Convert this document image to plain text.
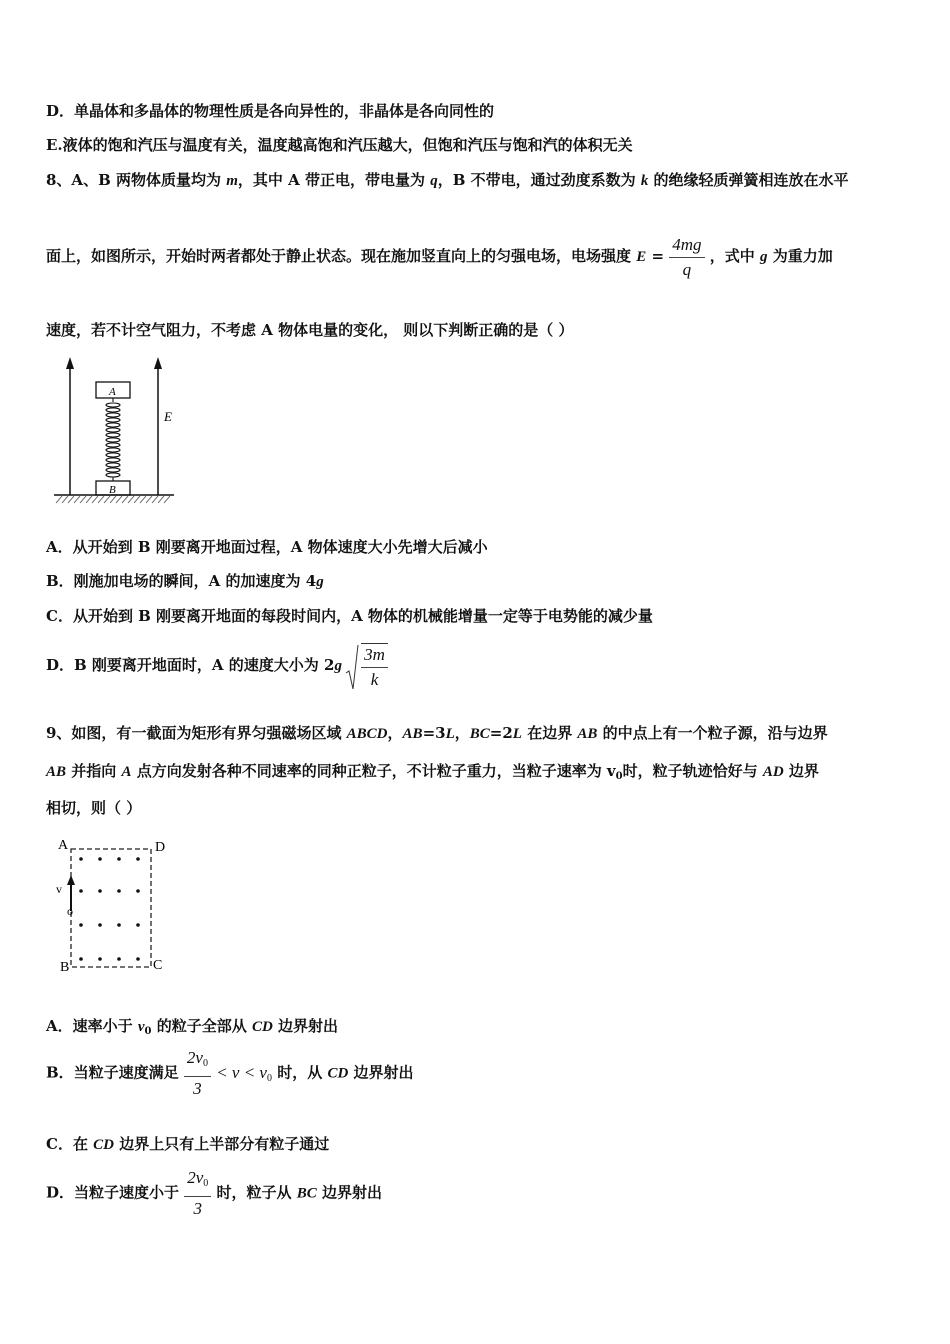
D．单晶体和多晶体的物理性质是各向异性的，非晶体是各向同性的
E.液体的饱和汽压与温度有关，温度越高饱和汽压越大，但饱和汽压与饱和汽的体积无关
8、A、B 两物体质量均为 m，其中 A 带正电，带电量为 q，B 不带电，通过劲度系数为 k 的绝缘轻质弹簧相连放在水平
面上，如图所示，开始时两者都处于静止状态。现在施加竖直向上的匀强电场，电场强度 $E = \frac{4mg}{q}$ ，式中 g 为重力加
速度，若不计空气阻力，不考虑 A 物体电量的变化， 则以下判断正确的是（ ）
A
B
E
A．从开始到 B 刚要离开地面过程，A 物体速度大小先增大后减小
B．刚施加电场的瞬间，A 的加速度为 4g
C．从开始到 B 刚要离开地面的每段时间内，A 物体的机械能增量一定等于电势能的减少量
D．B 刚要离开地面时，A 的速度大小为 $2g \frac{3m}{k}$
9、如图，有一截面为矩形有界匀强磁场区域 ABCD，AB=3L，BC=2L 在边界 AB 的中点上有一个粒子源，沿与边界
AB 并指向 A 点方向发射各种不同速率的同种正粒子，不计粒子重力，当粒子速率为 $v_0$时，粒子轨迹恰好与 AD 边界
相切，则（ ）
A	D
B	C
v
o
A．速率小于 $v_0$ 的粒子全部从 CD 边界射出
B．当粒子速度满足 $\frac{2v_0}{3} < v < v_0$ 时，从 CD 边界射出
C．在 CD 边界上只有上半部分有粒子通过
D．当粒子速度小于 $\frac{2v_0}{3}$ 时，粒子从 BC 边界射出
